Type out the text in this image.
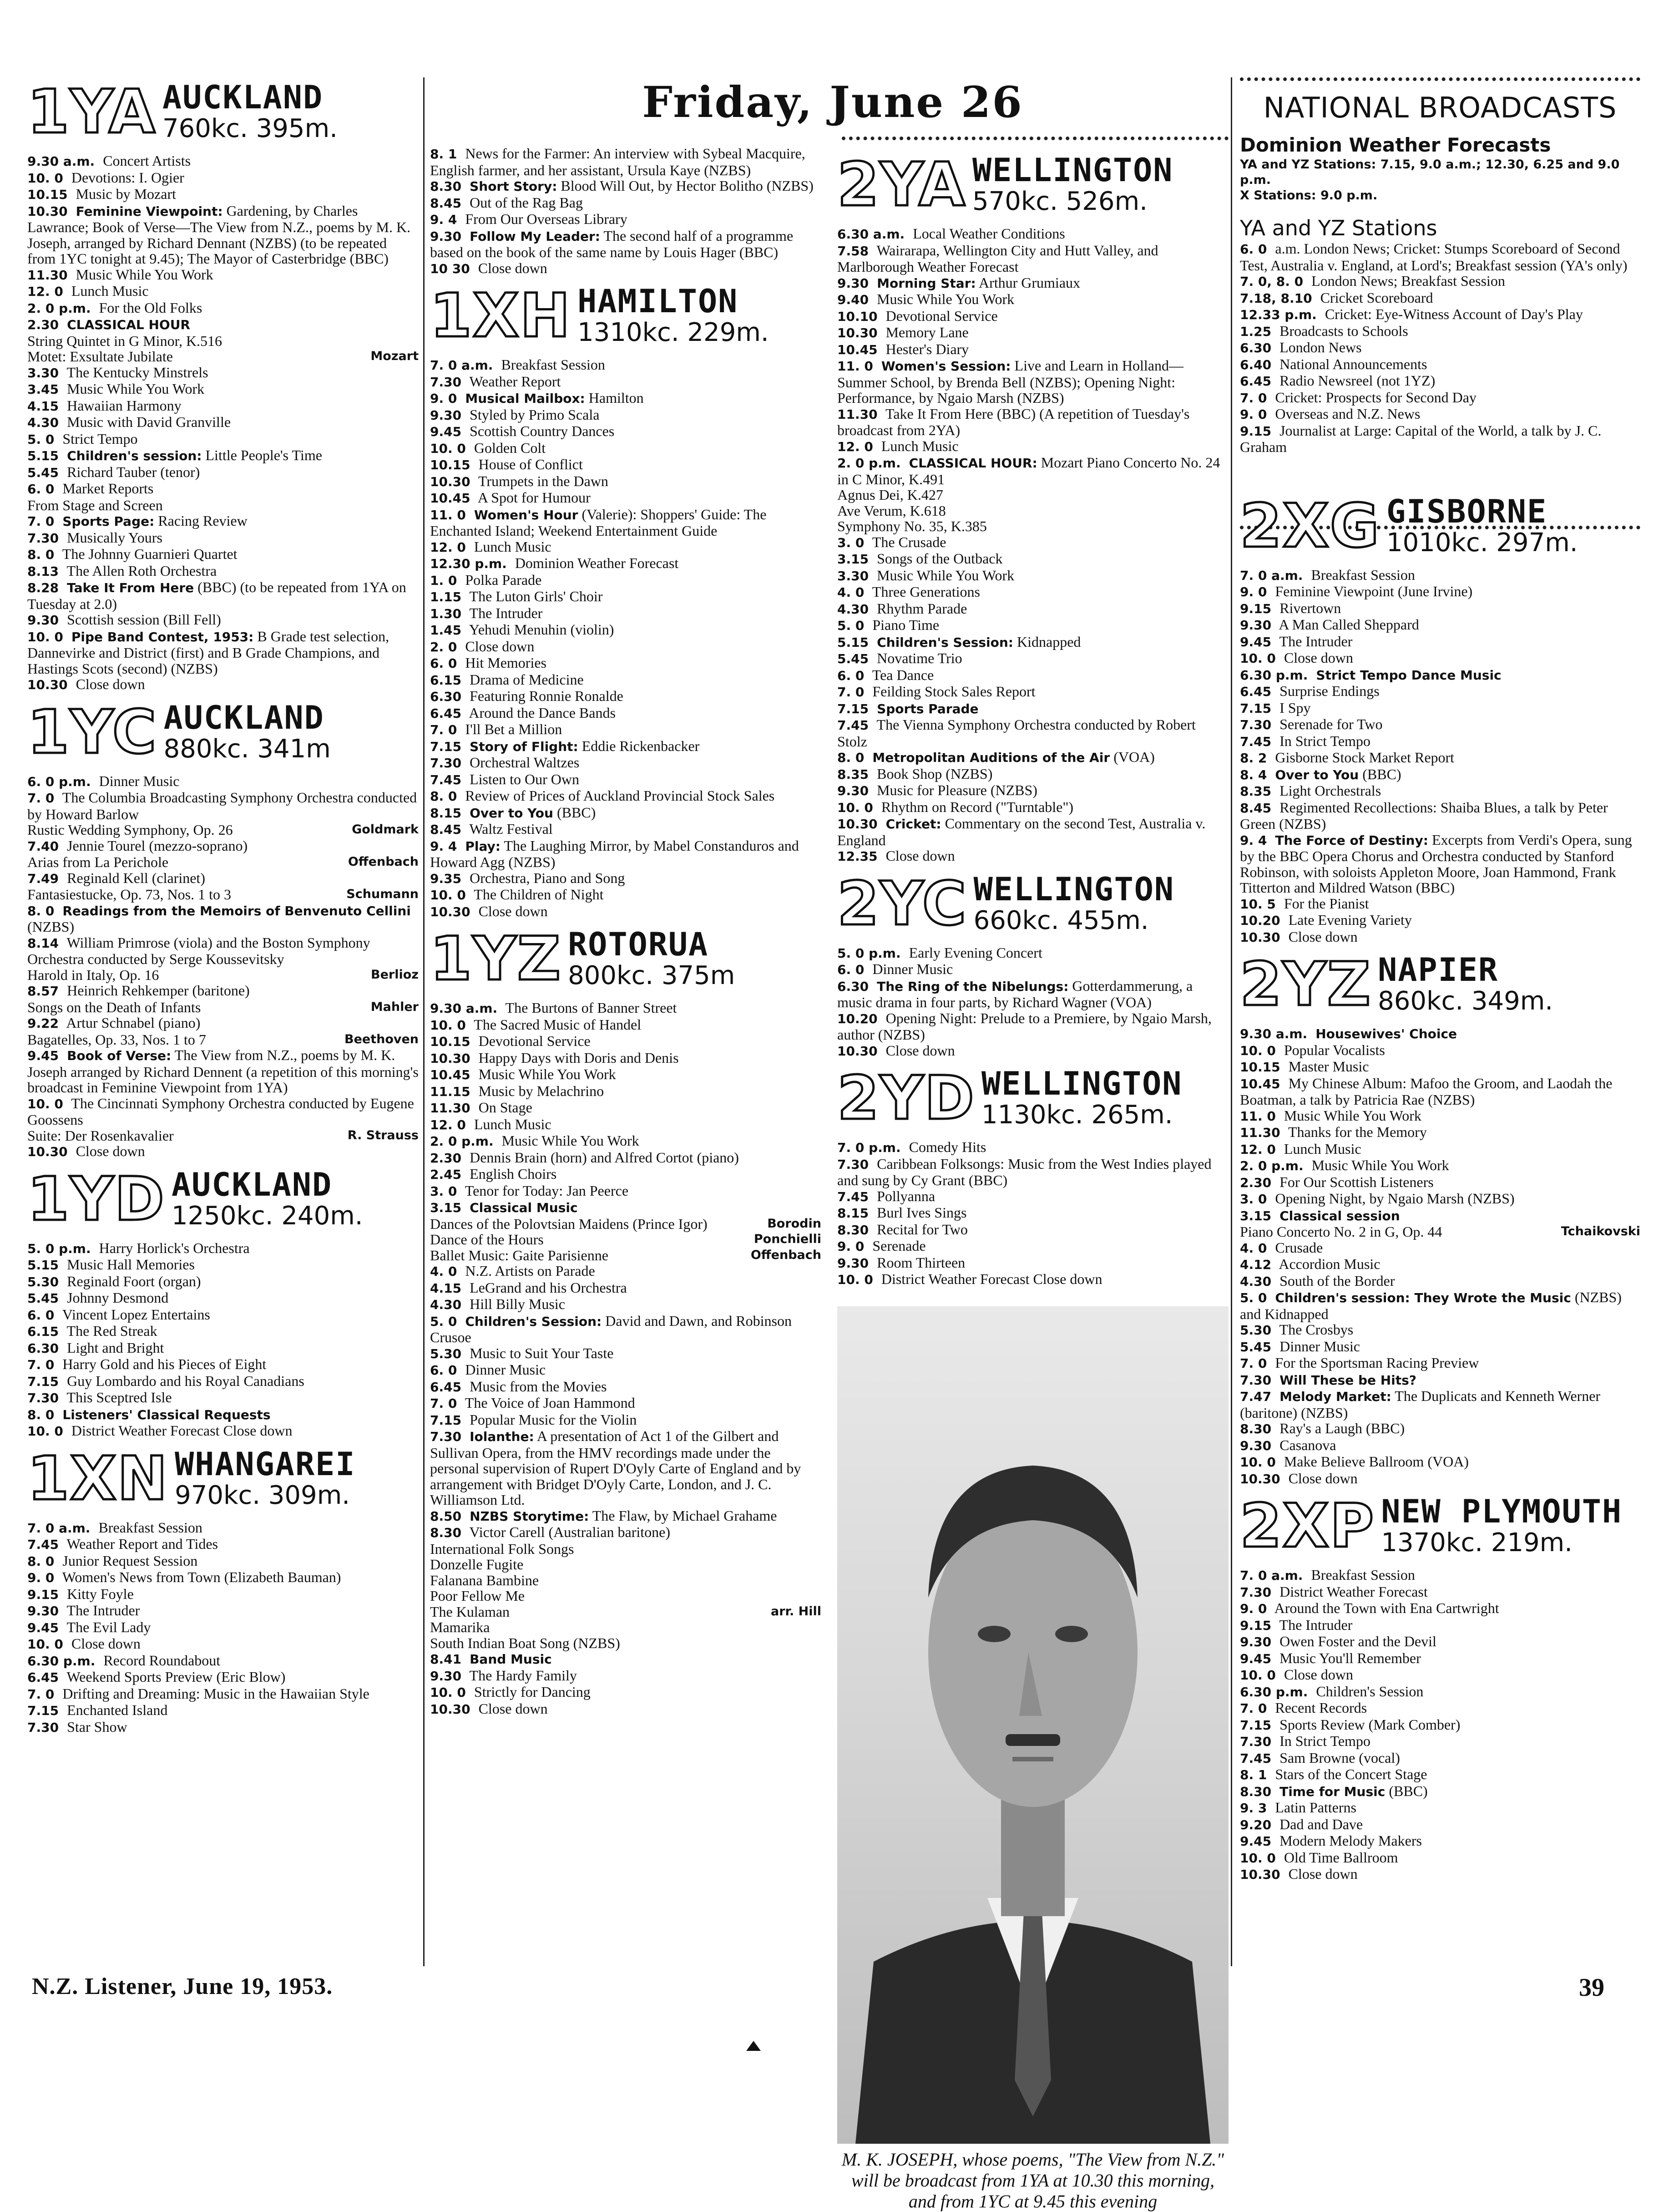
Friday, June 26
1YA AUCKLAND
760kc. 395m.
9.30 a.m. Concert Artists
10. 0 Devotions: I. Ogier
10.15 Music by Mozart
10.30 Feminine Viewpoint: Gardening, by Charles Lawrance; Book of Verse—The View from N.Z., poems by M. K. Joseph, arranged by Richard Dennant (NZBS) (to be repeated from 1YC tonight at 9.45); The Mayor of Casterbridge (BBC)
11.30 Music While You Work
12. 0 Lunch Music
2. 0 p.m. For the Old Folks
2.30 CLASSICAL HOUR
String Quintet in G Minor, K.516
Motet: Exsultate Jubilate	Mozart
3.30 The Kentucky Minstrels
3.45 Music While You Work
4.15 Hawaiian Harmony
4.30 Music with David Granville
5. 0 Strict Tempo
5.15 Children's session: Little People's Time
5.45 Richard Tauber (tenor)
6. 0 Market Reports
From Stage and Screen
7. 0 Sports Page: Racing Review
7.30 Musically Yours
8. 0 The Johnny Guarnieri Quartet
8.13 The Allen Roth Orchestra
8.28 Take It From Here (BBC) (to be repeated from 1YA on Tuesday at 2.0)
9.30 Scottish session (Bill Fell)
10. 0 Pipe Band Contest, 1953: B Grade test selection, Dannevirke and District (first) and B Grade Champions, and Hastings Scots (second) (NZBS)
10.30 Close down
1YC AUCKLAND
880kc. 341m
6. 0 p.m. Dinner Music
7. 0 The Columbia Broadcasting Symphony Orchestra conducted by Howard Barlow
Rustic Wedding Symphony, Op. 26	Goldmark
7.40 Jennie Tourel (mezzo-soprano)
Arias from La Perichole	Offenbach
7.49 Reginald Kell (clarinet)
Fantasiestucke, Op. 73, Nos. 1 to 3	Schumann
8. 0 Readings from the Memoirs of Benvenuto Cellini (NZBS)
8.14 William Primrose (viola) and the Boston Symphony Orchestra conducted by Serge Koussevitsky
Harold in Italy, Op. 16	Berlioz
8.57 Heinrich Rehkemper (baritone)
Songs on the Death of Infants	Mahler
9.22 Artur Schnabel (piano)
Bagatelles, Op. 33, Nos. 1 to 7	Beethoven
9.45 Book of Verse: The View from N.Z., poems by M. K. Joseph arranged by Richard Dennent (a repetition of this morning's broadcast in Feminine Viewpoint from 1YA)
10. 0 The Cincinnati Symphony Orchestra conducted by Eugene Goossens
Suite: Der Rosenkavalier	R. Strauss
10.30 Close down
1YD AUCKLAND
1250kc. 240m.
5. 0 p.m. Harry Horlick's Orchestra
5.15 Music Hall Memories
5.30 Reginald Foort (organ)
5.45 Johnny Desmond
6. 0 Vincent Lopez Entertains
6.15 The Red Streak
6.30 Light and Bright
7. 0 Harry Gold and his Pieces of Eight
7.15 Guy Lombardo and his Royal Canadians
7.30 This Sceptred Isle
8. 0 Listeners' Classical Requests
10. 0 District Weather Forecast Close down
1XN WHANGAREI
970kc. 309m.
7. 0 a.m. Breakfast Session
7.45 Weather Report and Tides
8. 0 Junior Request Session
9. 0 Women's News from Town (Elizabeth Bauman)
9.15 Kitty Foyle
9.30 The Intruder
9.45 The Evil Lady
10. 0 Close down
6.30 p.m. Record Roundabout
6.45 Weekend Sports Preview (Eric Blow)
7. 0 Drifting and Dreaming: Music in the Hawaiian Style
7.15 Enchanted Island
7.30 Star Show
8. 1 News for the Farmer: An interview with Sybeal Macquire, English farmer, and her assistant, Ursula Kaye (NZBS)
8.30 Short Story: Blood Will Out, by Hector Bolitho (NZBS)
8.45 Out of the Rag Bag
9. 4 From Our Overseas Library
9.30 Follow My Leader: The second half of a programme based on the book of the same name by Louis Hager (BBC)
10 30 Close down
1XH HAMILTON
1310kc. 229m.
7. 0 a.m. Breakfast Session
7.30 Weather Report
9. 0 Musical Mailbox: Hamilton
9.30 Styled by Primo Scala
9.45 Scottish Country Dances
10. 0 Golden Colt
10.15 House of Conflict
10.30 Trumpets in the Dawn
10.45 A Spot for Humour
11. 0 Women's Hour (Valerie): Shoppers' Guide: The Enchanted Island; Weekend Entertainment Guide
12. 0 Lunch Music
12.30 p.m. Dominion Weather Forecast
1. 0 Polka Parade
1.15 The Luton Girls' Choir
1.30 The Intruder
1.45 Yehudi Menuhin (violin)
2. 0 Close down
6. 0 Hit Memories
6.15 Drama of Medicine
6.30 Featuring Ronnie Ronalde
6.45 Around the Dance Bands
7. 0 I'll Bet a Million
7.15 Story of Flight: Eddie Rickenbacker
7.30 Orchestral Waltzes
7.45 Listen to Our Own
8. 0 Review of Prices of Auckland Provincial Stock Sales
8.15 Over to You (BBC)
8.45 Waltz Festival
9. 4 Play: The Laughing Mirror, by Mabel Constanduros and Howard Agg (NZBS)
9.35 Orchestra, Piano and Song
10. 0 The Children of Night
10.30 Close down
1YZ ROTORUA
800kc. 375m
9.30 a.m. The Burtons of Banner Street
10. 0 The Sacred Music of Handel
10.15 Devotional Service
10.30 Happy Days with Doris and Denis
10.45 Music While You Work
11.15 Music by Melachrino
11.30 On Stage
12. 0 Lunch Music
2. 0 p.m. Music While You Work
2.30 Dennis Brain (horn) and Alfred Cortot (piano)
2.45 English Choirs
3. 0 Tenor for Today: Jan Peerce
3.15 Classical Music
Dances of the Polovtsian Maidens (Prince Igor)	Borodin
Dance of the Hours	Ponchielli
Ballet Music: Gaite Parisienne	Offenbach
4. 0 N.Z. Artists on Parade
4.15 LeGrand and his Orchestra
4.30 Hill Billy Music
5. 0 Children's Session: David and Dawn, and Robinson Crusoe
5.30 Music to Suit Your Taste
6. 0 Dinner Music
6.45 Music from the Movies
7. 0 The Voice of Joan Hammond
7.15 Popular Music for the Violin
7.30 Iolanthe: A presentation of Act 1 of the Gilbert and Sullivan Opera, from the HMV recordings made under the personal supervision of Rupert D'Oyly Carte of England and by arrangement with Bridget D'Oyly Carte, London, and J. C. Williamson Ltd.
8.50 NZBS Storytime: The Flaw, by Michael Grahame
8.30 Victor Carell (Australian baritone)
International Folk Songs
Donzelle Fugite
Falanana Bambine
Poor Fellow Me
The Kulaman	arr. Hill
Mamarika
South Indian Boat Song (NZBS)
8.41 Band Music
9.30 The Hardy Family
10. 0 Strictly for Dancing
10.30 Close down
2YA WELLINGTON
570kc. 526m.
6.30 a.m. Local Weather Conditions
7.58 Wairarapa, Wellington City and Hutt Valley, and Marlborough Weather Forecast
9.30 Morning Star: Arthur Grumiaux
9.40 Music While You Work
10.10 Devotional Service
10.30 Memory Lane
10.45 Hester's Diary
11. 0 Women's Session: Live and Learn in Holland—Summer School, by Brenda Bell (NZBS); Opening Night: Performance, by Ngaio Marsh (NZBS)
11.30 Take It From Here (BBC) (A repetition of Tuesday's broadcast from 2YA)
12. 0 Lunch Music
2. 0 p.m. CLASSICAL HOUR: Mozart Piano Concerto No. 24 in C Minor, K.491
Agnus Dei, K.427
Ave Verum, K.618
Symphony No. 35, K.385
3. 0 The Crusade
3.15 Songs of the Outback
3.30 Music While You Work
4. 0 Three Generations
4.30 Rhythm Parade
5. 0 Piano Time
5.15 Children's Session: Kidnapped
5.45 Novatime Trio
6. 0 Tea Dance
7. 0 Feilding Stock Sales Report
7.15 Sports Parade
7.45 The Vienna Symphony Orchestra conducted by Robert Stolz
8. 0 Metropolitan Auditions of the Air (VOA)
8.35 Book Shop (NZBS)
9.30 Music for Pleasure (NZBS)
10. 0 Rhythm on Record ("Turntable")
10.30 Cricket: Commentary on the second Test, Australia v. England
12.35 Close down
2YC WELLINGTON
660kc. 455m.
5. 0 p.m. Early Evening Concert
6. 0 Dinner Music
6.30 The Ring of the Nibelungs: Gotterdammerung, a music drama in four parts, by Richard Wagner (VOA)
10.20 Opening Night: Prelude to a Premiere, by Ngaio Marsh, author (NZBS)
10.30 Close down
2YD WELLINGTON
1130kc. 265m.
7. 0 p.m. Comedy Hits
7.30 Caribbean Folksongs: Music from the West Indies played and sung by Cy Grant (BBC)
7.45 Pollyanna
8.15 Burl Ives Sings
8.30 Recital for Two
9. 0 Serenade
9.30 Room Thirteen
10. 0 District Weather Forecast Close down
M. K. JOSEPH, whose poems, "The View from N.Z." will be broadcast from 1YA at 10.30 this morning, and from 1YC at 9.45 this evening
NATIONAL BROADCASTS
Dominion Weather Forecasts
YA and YZ Stations: 7.15, 9.0 a.m.; 12.30, 6.25 and 9.0 p.m.
X Stations: 9.0 p.m.
YA and YZ Stations
6. 0 a.m. London News; Cricket: Stumps Scoreboard of Second Test, Australia v. England, at Lord's; Breakfast session (YA's only)
7. 0, 8. 0 London News; Breakfast Session
7.18, 8.10 Cricket Scoreboard
12.33 p.m. Cricket: Eye-Witness Account of Day's Play
1.25 Broadcasts to Schools
6.30 London News
6.40 National Announcements
6.45 Radio Newsreel (not 1YZ)
7. 0 Cricket: Prospects for Second Day
9. 0 Overseas and N.Z. News
9.15 Journalist at Large: Capital of the World, a talk by J. C. Graham
2XG GISBORNE
1010kc. 297m.
7. 0 a.m. Breakfast Session
9. 0 Feminine Viewpoint (June Irvine)
9.15 Rivertown
9.30 A Man Called Sheppard
9.45 The Intruder
10. 0 Close down
6.30 p.m. Strict Tempo Dance Music
6.45 Surprise Endings
7.15 I Spy
7.30 Serenade for Two
7.45 In Strict Tempo
8. 2 Gisborne Stock Market Report
8. 4 Over to You (BBC)
8.35 Light Orchestrals
8.45 Regimented Recollections: Shaiba Blues, a talk by Peter Green (NZBS)
9. 4 The Force of Destiny: Excerpts from Verdi's Opera, sung by the BBC Opera Chorus and Orchestra conducted by Stanford Robinson, with soloists Appleton Moore, Joan Hammond, Frank Titterton and Mildred Watson (BBC)
10. 5 For the Pianist
10.20 Late Evening Variety
10.30 Close down
2YZ NAPIER
860kc. 349m.
9.30 a.m. Housewives' Choice
10. 0 Popular Vocalists
10.15 Master Music
10.45 My Chinese Album: Mafoo the Groom, and Laodah the Boatman, a talk by Patricia Rae (NZBS)
11. 0 Music While You Work
11.30 Thanks for the Memory
12. 0 Lunch Music
2. 0 p.m. Music While You Work
2.30 For Our Scottish Listeners
3. 0 Opening Night, by Ngaio Marsh (NZBS)
3.15 Classical session
Piano Concerto No. 2 in G, Op. 44	Tchaikovski
4. 0 Crusade
4.12 Accordion Music
4.30 South of the Border
5. 0 Children's session: They Wrote the Music (NZBS) and Kidnapped
5.30 The Crosbys
5.45 Dinner Music
7. 0 For the Sportsman Racing Preview
7.30 Will These be Hits?
7.47 Melody Market: The Duplicats and Kenneth Werner (baritone) (NZBS)
8.30 Ray's a Laugh (BBC)
9.30 Casanova
10. 0 Make Believe Ballroom (VOA)
10.30 Close down
2XP NEW PLYMOUTH
1370kc. 219m.
7. 0 a.m. Breakfast Session
7.30 District Weather Forecast
9. 0 Around the Town with Ena Cartwright
9.15 The Intruder
9.30 Owen Foster and the Devil
9.45 Music You'll Remember
10. 0 Close down
6.30 p.m. Children's Session
7. 0 Recent Records
7.15 Sports Review (Mark Comber)
7.30 In Strict Tempo
7.45 Sam Browne (vocal)
8. 1 Stars of the Concert Stage
8.30 Time for Music (BBC)
9. 3 Latin Patterns
9.20 Dad and Dave
9.45 Modern Melody Makers
10. 0 Old Time Ballroom
10.30 Close down
N.Z. Listener, June 19, 1953.	39
